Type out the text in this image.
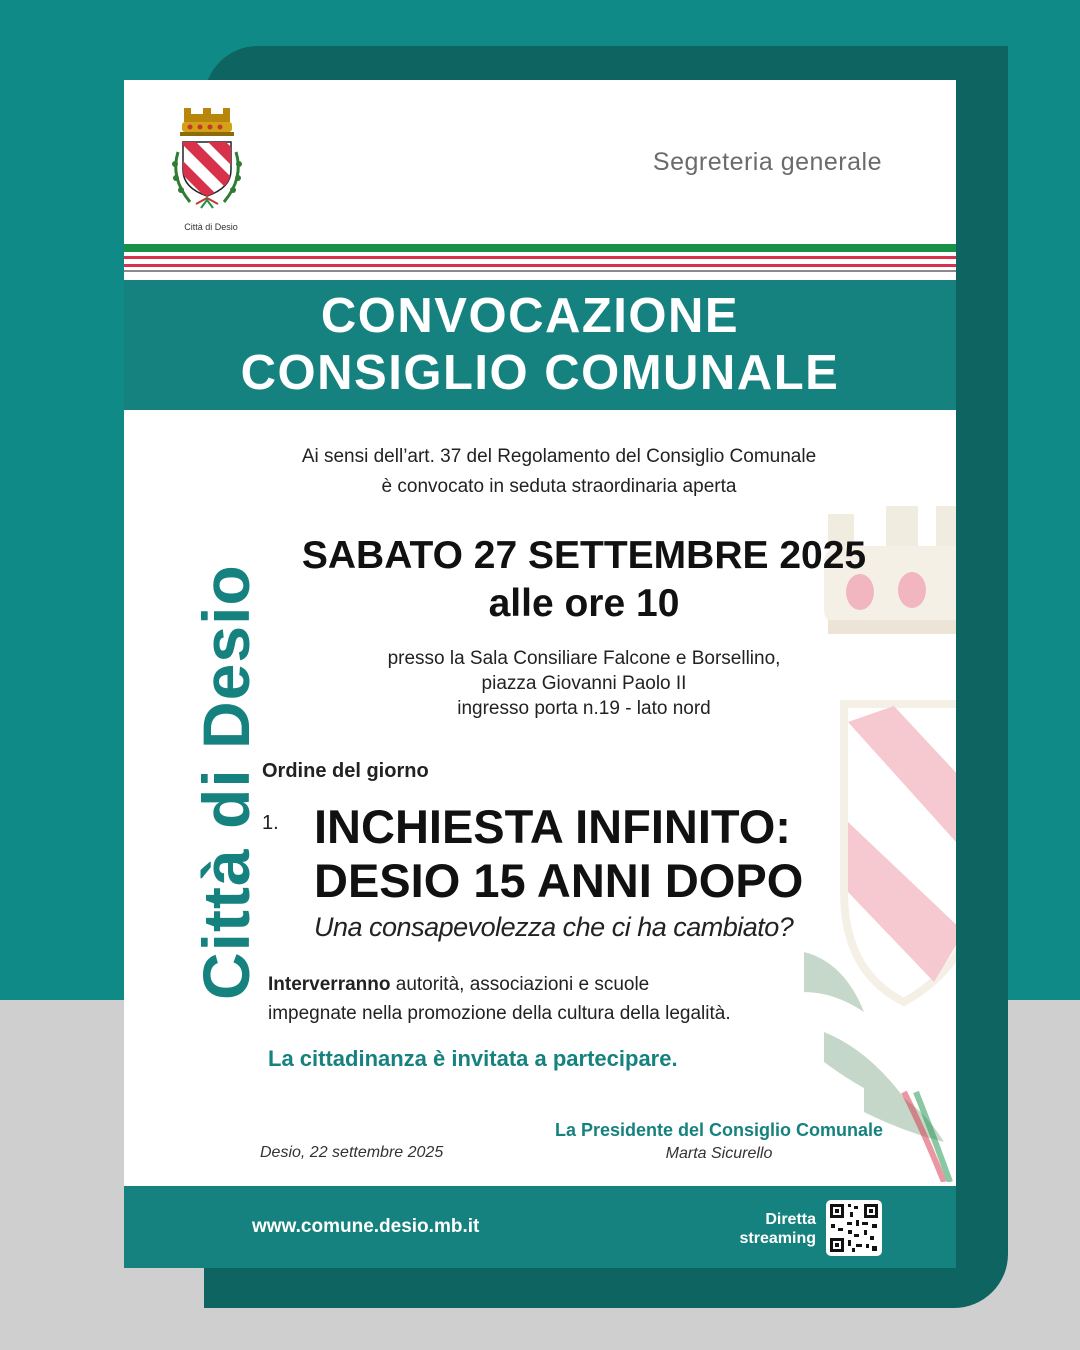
Città di Desio
Segreteria generale
CONVOCAZIONE
CONSIGLIO COMUNALE
Città di Desio
Ai sensi dell’art. 37 del Regolamento del Consiglio Comunale
è convocato in seduta straordinaria aperta
SABATO 27 SETTEMBRE 2025
alle ore 10
presso la Sala Consiliare Falcone e Borsellino,
piazza Giovanni Paolo II
ingresso porta n.19 - lato nord
Ordine del giorno
1. INCHIESTA INFINITO:
DESIO 15 ANNI DOPO
Una consapevolezza che ci ha cambiato?
Interverranno autorità, associazioni e scuole
impegnate nella promozione della cultura della legalità.
La cittadinanza è invitata a partecipare.
La Presidente del Consiglio Comunale
Marta Sicurello
Desio, 22 settembre 2025
www.comune.desio.mb.it	Diretta
streaming
